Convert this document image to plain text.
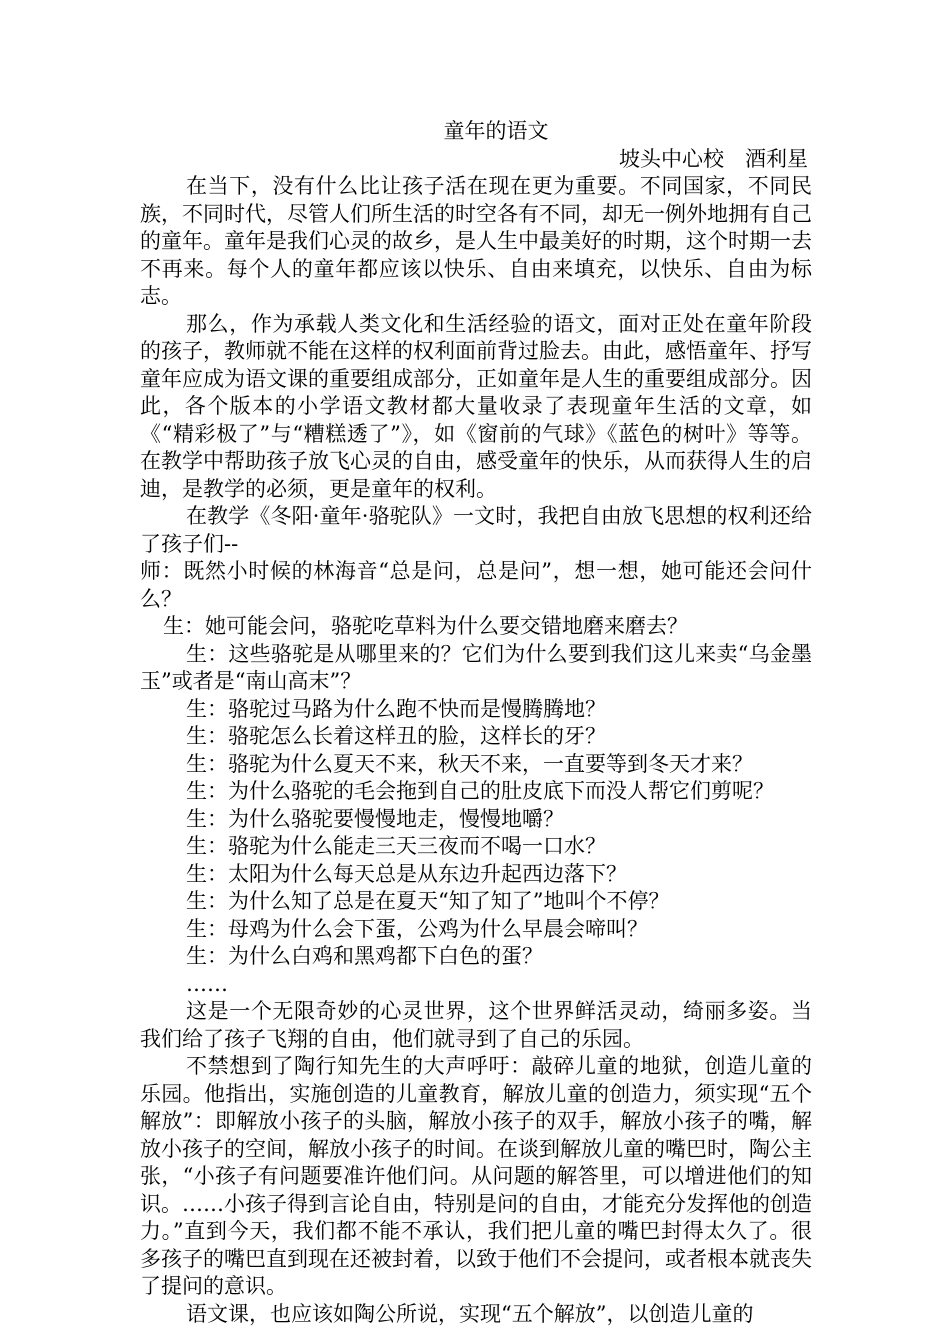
童年的语文

坡头中心校　酒利星

在当下，没有什么比让孩子活在现在更为重要。不同国家，不同民族，不同时代，尽管人们所生活的时空各有不同，却无一例外地拥有自己的童年。童年是我们心灵的故乡，是人生中最美好的时期，这个时期一去不再来。每个人的童年都应该以快乐、自由来填充，以快乐、自由为标志。

那么，作为承载人类文化和生活经验的语文，面对正处在童年阶段的孩子，教师就不能在这样的权利面前背过脸去。由此，感悟童年、抒写童年应成为语文课的重要组成部分，正如童年是人生的重要组成部分。因此，各个版本的小学语文教材都大量收录了表现童年生活的文章，如《“精彩极了”与“糟糕透了”》，如《窗前的气球》《蓝色的树叶》等等。在教学中帮助孩子放飞心灵的自由，感受童年的快乐，从而获得人生的启迪，是教学的必须，更是童年的权利。

在教学《冬阳·童年·骆驼队》一文时，我把自由放飞思想的权利还给了孩子们--

师：既然小时候的林海音“总是问，总是问”，想一想，她可能还会问什么？

生：她可能会问，骆驼吃草料为什么要交错地磨来磨去？

生：这些骆驼是从哪里来的？它们为什么要到我们这儿来卖“乌金墨玉”或者是“南山高末”？

生：骆驼过马路为什么跑不快而是慢腾腾地？

生：骆驼怎么长着这样丑的脸，这样长的牙？

生：骆驼为什么夏天不来，秋天不来，一直要等到冬天才来？

生：为什么骆驼的毛会拖到自己的肚皮底下而没人帮它们剪呢？

生：为什么骆驼要慢慢地走，慢慢地嚼？

生：骆驼为什么能走三天三夜而不喝一口水？

生：太阳为什么每天总是从东边升起西边落下？

生：为什么知了总是在夏天“知了知了”地叫个不停？

生：母鸡为什么会下蛋，公鸡为什么早晨会啼叫？

生：为什么白鸡和黑鸡都下白色的蛋？

……

这是一个无限奇妙的心灵世界，这个世界鲜活灵动，绮丽多姿。当我们给了孩子飞翔的自由，他们就寻到了自己的乐园。

不禁想到了陶行知先生的大声呼吁：敲碎儿童的地狱，创造儿童的乐园。他指出，实施创造的儿童教育，解放儿童的创造力，须实现“五个解放”：即解放小孩子的头脑，解放小孩子的双手，解放小孩子的嘴，解放小孩子的空间，解放小孩子的时间。在谈到解放儿童的嘴巴时，陶公主张，“小孩子有问题要准许他们问。从问题的解答里，可以增进他们的知识。……小孩子得到言论自由，特别是问的自由，才能充分发挥他的创造力。”直到今天，我们都不能不承认，我们把儿童的嘴巴封得太久了。很多孩子的嘴巴直到现在还被封着，以致于他们不会提问，或者根本就丧失了提问的意识。

语文课，也应该如陶公所说，实现“五个解放”，以创造儿童的
